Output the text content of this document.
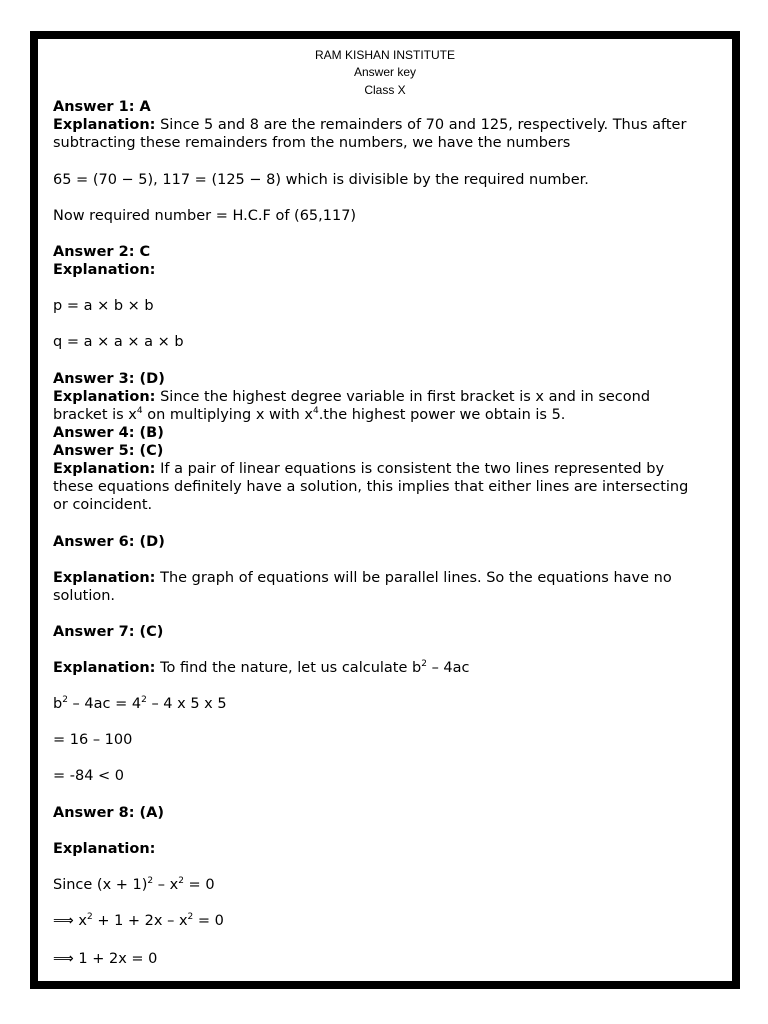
RAM KISHAN INSTITUTE
Answer key
Class X
Answer 1: A
Explanation: Since 5 and 8 are the remainders of 70 and 125, respectively. Thus after
subtracting these remainders from the numbers, we have the numbers
65 = (70 − 5), 117 = (125 − 8) which is divisible by the required number.
Now required number = H.C.F of (65,117)
Answer 2: C
Explanation:
p = a × b × b
q = a × a × a × b
Answer 3: (D)
Explanation: Since the highest degree variable in first bracket is x and in second
bracket is $x^4$ on multiplying x with $x^4.the$ highest power we obtain is 5.
Answer 4: (B)
Answer 5: (C)
Explanation: If a pair of linear equations is consistent the two lines represented by
these equations definitely have a solution, this implies that either lines are intersecting
or coincident.
Answer 6: (D)
Explanation: The graph of equations will be parallel lines. So the equations have no
solution.
Answer 7: (C)
Explanation: To find the nature, let us calculate $b^2 - 4ac$
$b^2 - 4ac = 4^2 - 4$ x 5 x 5
= 16 – 100
= -84 < 0
Answer 8: (A)
Explanation:
Since $(x + 1)^2 - x^2 = 0$
⟹ $x^2 + 1 + 2x - x^2 = 0$
⟹ 1 + 2x = 0
